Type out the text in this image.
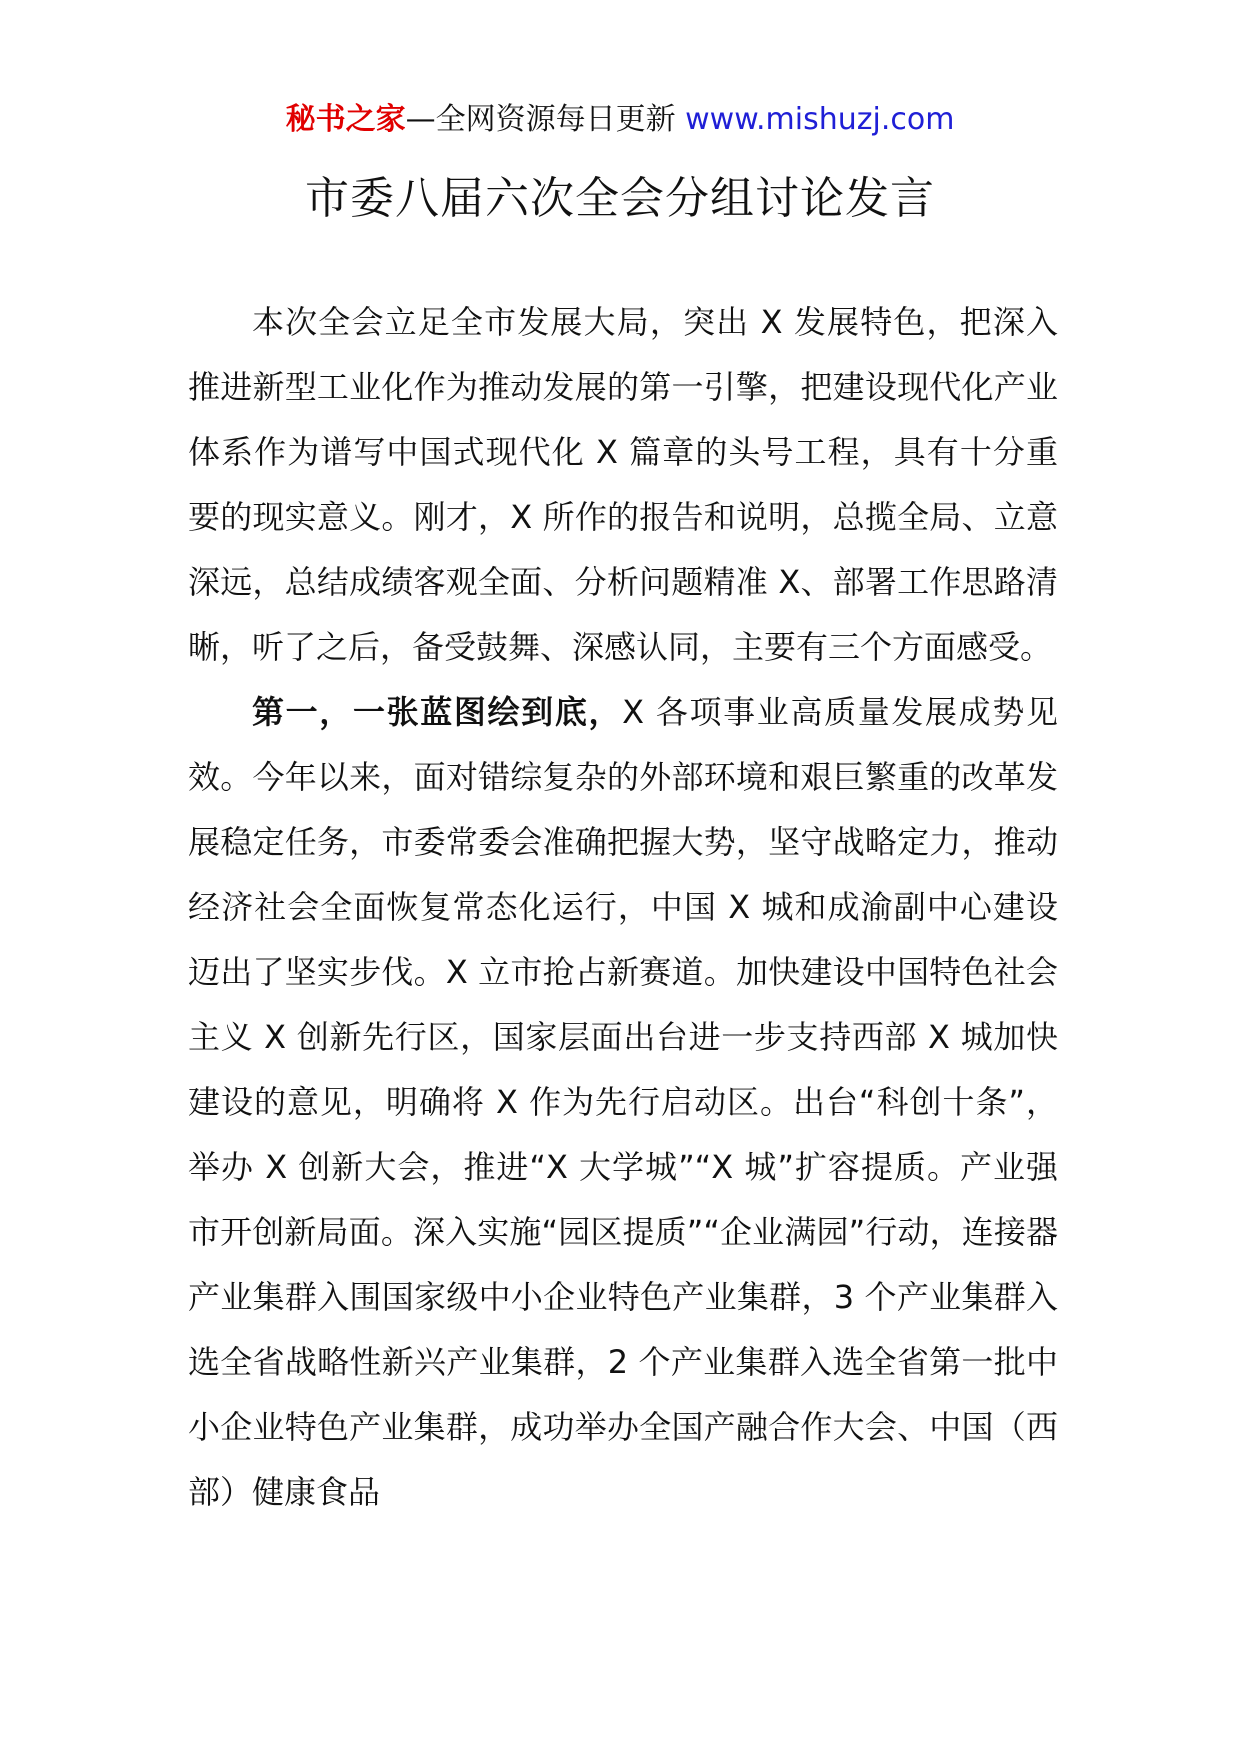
秘书之家—全网资源每日更新 www.mishuzj.com
市委八届六次全会分组讨论发言

本次全会立足全市发展大局，突出 X 发展特色，把深入推进新型工业化作为推动发展的第一引擎，把建设现代化产业体系作为谱写中国式现代化 X 篇章的头号工程，具有十分重要的现实意义。刚才，X 所作的报告和说明，总揽全局、立意深远，总结成绩客观全面、分析问题精准 X、部署工作思路清晰，听了之后，备受鼓舞、深感认同，主要有三个方面感受。

第一，一张蓝图绘到底，X 各项事业高质量发展成势见效。今年以来，面对错综复杂的外部环境和艰巨繁重的改革发展稳定任务，市委常委会准确把握大势，坚守战略定力，推动经济社会全面恢复常态化运行，中国 X 城和成渝副中心建设迈出了坚实步伐。X 立市抢占新赛道。加快建设中国特色社会主义 X 创新先行区，国家层面出台进一步支持西部 X 城加快建设的意见，明确将 X 作为先行启动区。出台“科创十条”，举办 X 创新大会，推进“X 大学城”“X 城”扩容提质。产业强市开创新局面。深入实施“园区提质”“企业满园”行动，连接器产业集群入围国家级中小企业特色产业集群，3 个产业集群入选全省战略性新兴产业集群，2 个产业集群入选全省第一批中小企业特色产业集群，成功举办全国产融合作大会、中国（西部）健康食品
